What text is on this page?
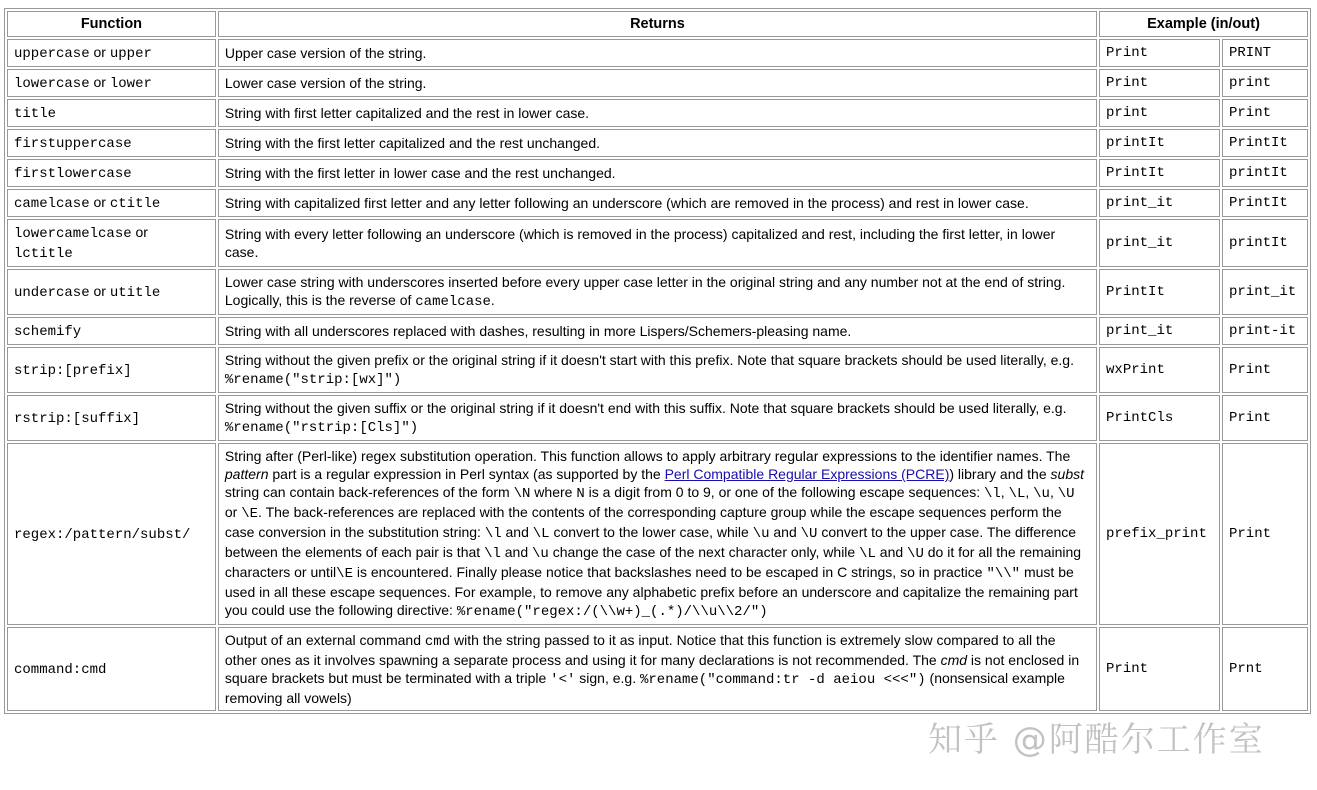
Function	Returns	Example (in/out)	
uppercase or upper	Upper case version of the string.	Print	PRINT
lowercase or lower	Lower case version of the string.	Print	print
title	String with first letter capitalized and the rest in lower case.	print	Print
firstuppercase	String with the first letter capitalized and the rest unchanged.	printIt	PrintIt
firstlowercase	String with the first letter in lower case and the rest unchanged.	PrintIt	printIt
camelcase or ctitle	String with capitalized first letter and any letter following an underscore (which are removed in the process) and rest in lower case.	print_it	PrintIt
lowercamelcase or lctitle	String with every letter following an underscore (which is removed in the process) capitalized and rest, including the first letter, in lower case.	print_it	printIt
undercase or utitle	Lower case string with underscores inserted before every upper case letter in the original string and any number not at the end of string. Logically, this is the reverse of camelcase.	PrintIt	print_it
schemify	String with all underscores replaced with dashes, resulting in more Lispers/Schemers-pleasing name.	print_it	print-it
strip:[prefix]	String without the given prefix or the original string if it doesn't start with this prefix. Note that square brackets should be used literally, e.g. %rename("strip:[wx]")	wxPrint	Print
rstrip:[suffix]	String without the given suffix or the original string if it doesn't end with this suffix. Note that square brackets should be used literally, e.g. %rename("rstrip:[Cls]")	PrintCls	Print
regex:/pattern/subst/	String after (Perl-like) regex substitution operation. This function allows to apply arbitrary regular expressions to the identifier names. The pattern part is a regular expression in Perl syntax (as supported by the Perl Compatible Regular Expressions (PCRE)) library and the subst string can contain back-references of the form \N where N is a digit from 0 to 9, or one of the following escape sequences: \l, \L, \u, \U or \E. The back-references are replaced with the contents of the corresponding capture group while the escape sequences perform the case conversion in the substitution string: \l and \L convert to the lower case, while \u and \U convert to the upper case. The difference between the elements of each pair is that \l and \u change the case of the next character only, while \L and \U do it for all the remaining characters or until\E is encountered. Finally please notice that backslashes need to be escaped in C strings, so in practice "\\" must be used in all these escape sequences. For example, to remove any alphabetic prefix before an underscore and capitalize the remaining part you could use the following directive: %rename("regex:/(\\w+)_(.*)/\\u\\2/")	prefix_print	Print
command:cmd	Output of an external command cmd with the string passed to it as input. Notice that this function is extremely slow compared to all the other ones as it involves spawning a separate process and using it for many declarations is not recommended. The cmd is not enclosed in square brackets but must be terminated with a triple '<' sign, e.g. %rename("command:tr -d aeiou <<<") (nonsensical example removing all vowels)	Print	Prnt
知乎 @阿酷尔工作室
